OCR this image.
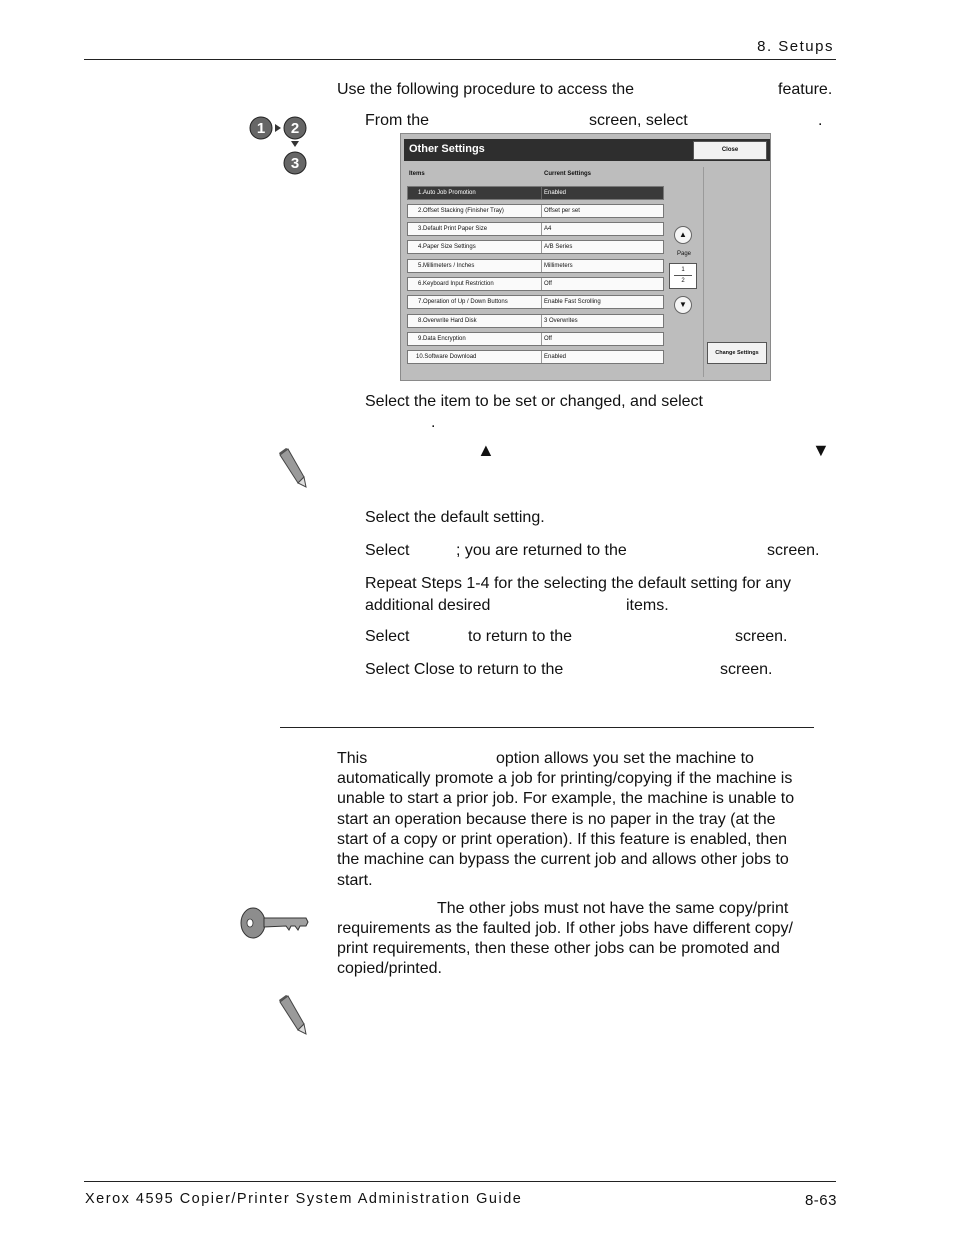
8. Setups
Use the following procedure to access the	feature.
1 2
3
From the	screen, select	.
Other Settings	Close
Items	Current Settings
1.Auto Job Promotion	Enabled
2.Offset Stacking (Finisher Tray)	Offset per set
3.Default Print Paper Size	A4
4.Paper Size Settings	A/B Series
5.Millimeters / Inches	Millimeters
6.Keyboard Input Restriction	Off
7.Operation of Up / Down Buttons	Enable Fast Scrolling
8.Overwrite Hard Disk	3 Overwrites
9.Data Encryption	Off
10.Software Download	Enabled
▲
Page
1
2
▼
Change Settings
Select the item to be set or changed, and select
.
▲	▼
Select the default setting.
Select	; you are returned to the	screen.
Repeat Steps 1-4 for the selecting the default setting for any
additional desired	items.
Select	to return to the	screen.
Select Close to return to the	screen.
This	option allows you set the machine to
automatically promote a job for printing/copying if the machine is
unable to start a prior job. For example, the machine is unable to
start an operation because there is no paper in the tray (at the
start of a copy or print operation). If this feature is enabled, then
the machine can bypass the current job and allows other jobs to
start.
The other jobs must not have the same copy/print
requirements as the faulted job. If other jobs have different copy/
print requirements, then these other jobs can be promoted and
copied/printed.
Xerox 4595 Copier/Printer System Administration Guide	8-63
